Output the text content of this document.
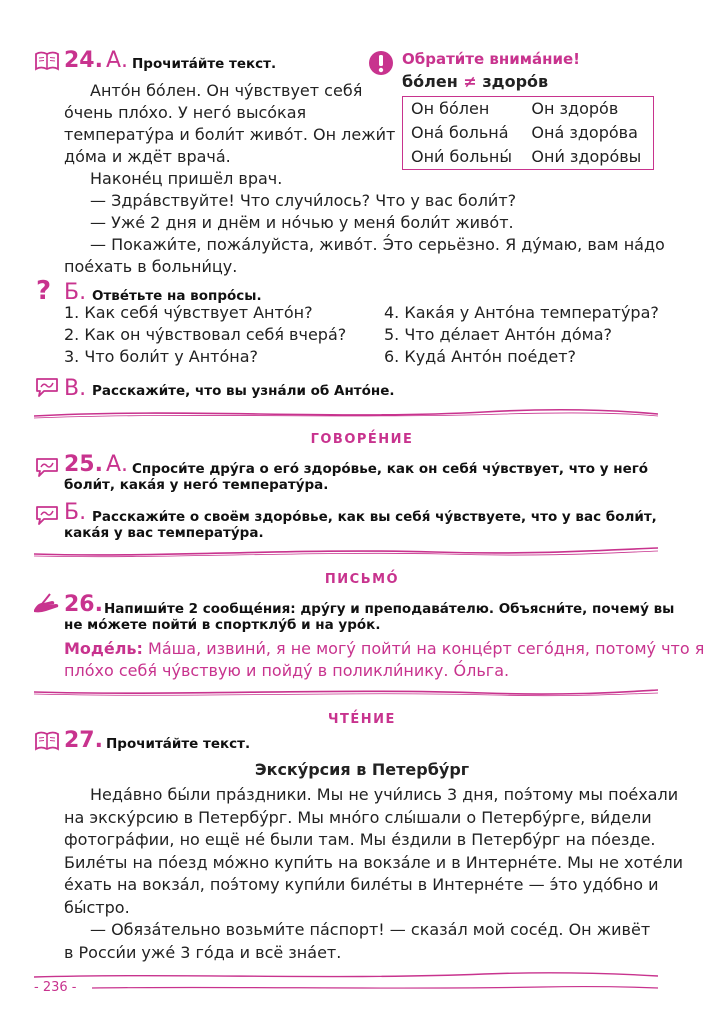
24. А. Прочита́йте текст.
Анто́н бо́лен. Он чу́вствует себя́
о́чень пло́хо. У него́ высо́кая
температу́ра и боли́т живо́т. Он лежи́т
до́ма и ждёт врача́.
Наконе́ц пришёл врач.
— Здра́вствуйте! Что случи́лось? Что у вас боли́т?
— Уже́ 2 дня и днём и но́чью у меня́ боли́т живо́т.
— Покажи́те, пожа́луйста, живо́т. Э́то серьёзно. Я ду́маю, вам на́до
пое́хать в больни́цу.
Обрати́те внима́ние!
бо́лен ≠ здоро́в
Он бо́лен	Он здоро́в
Она́ больна́	Она́ здоро́ва
Они́ больны́	Они́ здоро́вы
? Б. Отве́тьте на вопро́сы.
1. Как себя́ чу́вствует Анто́н?
2. Как он чу́вствовал себя́ вчера́?
3. Что боли́т у Анто́на?
4. Кака́я у Анто́на температу́ра?
5. Что де́лает Анто́н до́ма?
6. Куда́ Анто́н пое́дет?
В. Расскажи́те, что вы узна́ли об Анто́не.
ГОВОРЕ́НИЕ
25. А. Спроси́те дру́га о его́ здоро́вье, как он себя́ чу́вствует, что у него́
боли́т, кака́я у него́ температу́ра.
Б. Расскажи́те о своём здоро́вье, как вы себя́ чу́вствуете, что у вас боли́т,
кака́я у вас температу́ра.
ПИСЬМО́
26. Напиши́те 2 сообще́ния: дру́гу и преподава́телю. Объясни́те, почему́ вы
не мо́жете пойти́ в спортклу́б и на уро́к.
Моде́ль: Ма́ша, извини́, я не могу́ пойти́ на конце́рт сего́дня, потому́ что я
пло́хо себя́ чу́вствую и пойду́ в поликли́нику. О́льга.
ЧТЕ́НИЕ
27. Прочита́йте текст.
Экску́рсия в Петербу́рг
Неда́вно бы́ли пра́здники. Мы не учи́лись 3 дня, поэ́тому мы пое́хали
на экску́рсию в Петербу́рг. Мы мно́го слы́шали о Петербу́рге, ви́дели
фотогра́фии, но ещё не́ были там. Мы е́здили в Петербу́рг на по́езде.
Биле́ты на по́езд мо́жно купи́ть на вокза́ле и в Интерне́те. Мы не хоте́ли
е́хать на вокза́л, поэ́тому купи́ли биле́ты в Интерне́те — э́то удо́бно и
бы́стро.
— Обяза́тельно возьми́те па́спорт! — сказа́л мой сосе́д. Он живёт
в Росси́и уже́ 3 го́да и всё зна́ет.
- 236 -
